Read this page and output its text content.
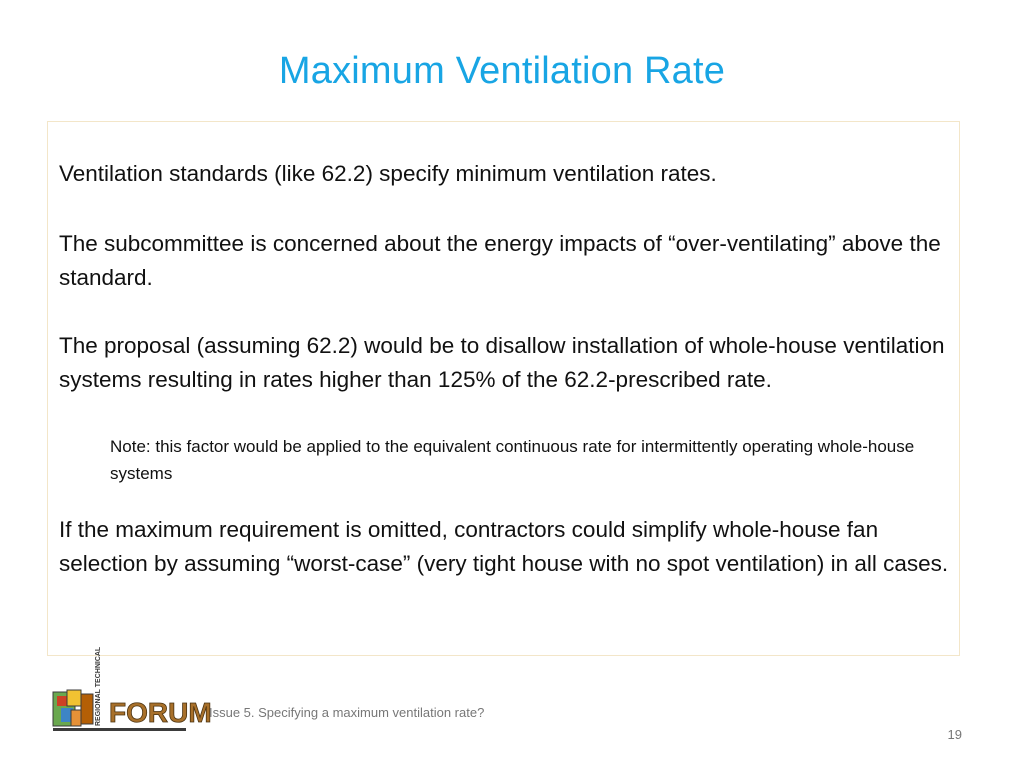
Maximum Ventilation Rate

Ventilation standards (like 62.2) specify minimum ventilation rates.

The subcommittee is concerned about the energy impacts of “over-ventilating” above the standard.

The proposal (assuming 62.2) would be to disallow installation of whole-house ventilation systems resulting in rates higher than 125% of the 62.2-prescribed rate.

Note: this factor would be applied to the equivalent continuous rate for intermittently operating whole-house systems

If the maximum requirement is omitted, contractors could simplify whole-house fan selection by assuming “worst-case” (very tight house with no spot ventilation) in all cases.

REGIONAL TECHNICAL FORUM
Issue 5. Specifying a maximum ventilation rate?
19
